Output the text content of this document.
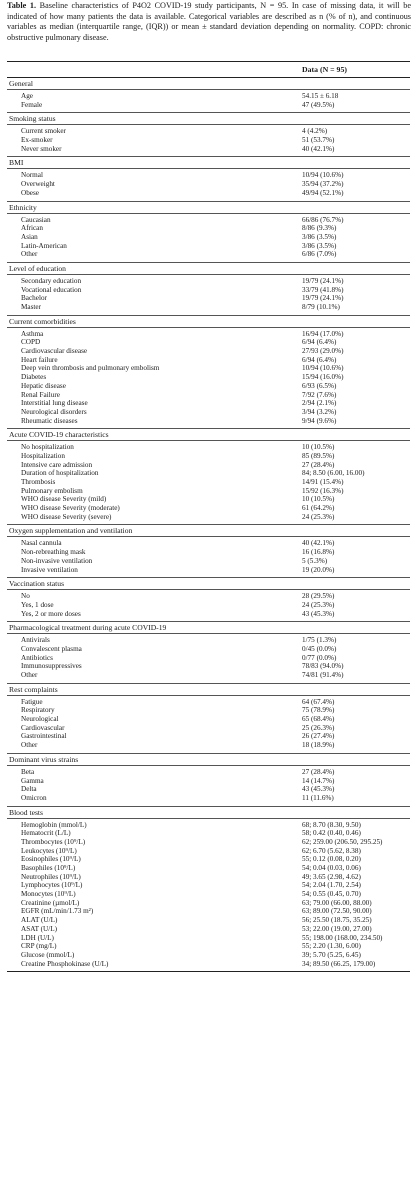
Table 1. Baseline characteristics of P4O2 COVID-19 study participants, N = 95. In case of missing data, it will be indicated of how many patients the data is available. Categorical variables are described as n (% of n), and continuous variables as median (interquartile range, (IQR)) or mean ± standard deviation depending on normality. COPD: chronic obstructive pulmonary disease.
Data (N = 95)
General
Age	54.15 ± 6.18
Female	47 (49.5%)
Smoking status
Current smoker	4 (4.2%)
Ex-smoker	51 (53.7%)
Never smoker	40 (42.1%)
BMI
Normal	10/94 (10.6%)
Overweight	35/94 (37.2%)
Obese	49/94 (52.1%)
Ethnicity
Caucasian	66/86 (76.7%)
African	8/86 (9.3%)
Asian	3/86 (3.5%)
Latin-American	3/86 (3.5%)
Other	6/86 (7.0%)
Level of education
Secondary education	19/79 (24.1%)
Vocational education	33/79 (41.8%)
Bachelor	19/79 (24.1%)
Master	8/79 (10.1%)
Current comorbidities
Asthma	16/94 (17.0%)
COPD	6/94 (6.4%)
Cardiovascular disease	27/93 (29.0%)
Heart failure	6/94 (6.4%)
Deep vein thrombosis and pulmonary embolism	10/94 (10.6%)
Diabetes	15/94 (16.0%)
Hepatic disease	6/93 (6.5%)
Renal Failure	7/92 (7.6%)
Interstitial lung disease	2/94 (2.1%)
Neurological disorders	3/94 (3.2%)
Rheumatic diseases	9/94 (9.6%)
Acute COVID-19 characteristics
No hospitalization	10 (10.5%)
Hospitalization	85 (89.5%)
Intensive care admission	27 (28.4%)
Duration of hospitalization	84; 8.50 (6.00, 16.00)
Thrombosis	14/91 (15.4%)
Pulmonary embolism	15/92 (16.3%)
WHO disease Severity (mild)	10 (10.5%)
WHO disease Severity (moderate)	61 (64.2%)
WHO disease Severity (severe)	24 (25.3%)
Oxygen supplementation and ventilation
Nasal cannula	40 (42.1%)
Non-rebreathing mask	16 (16.8%)
Non-invasive ventilation	5 (5.3%)
Invasive ventilation	19 (20.0%)
Vaccination status
No	28 (29.5%)
Yes, 1 dose	24 (25.3%)
Yes, 2 or more doses	43 (45.3%)
Pharmacological treatment during acute COVID-19
Antivirals	1/75 (1.3%)
Convalescent plasma	0/45 (0.0%)
Antibiotics	0/77 (0.0%)
Immunosuppressives	78/83 (94.0%)
Other	74/81 (91.4%)
Rest complaints
Fatigue	64 (67.4%)
Respiratory	75 (78.9%)
Neurological	65 (68.4%)
Cardiovascular	25 (26.3%)
Gastrointestinal	26 (27.4%)
Other	18 (18.9%)
Dominant virus strains
Beta	27 (28.4%)
Gamma	14 (14.7%)
Delta	43 (45.3%)
Omicron	11 (11.6%)
Blood tests
Hemoglobin (mmol/L)	68; 8.70 (8.30, 9.50)
Hematocrit (L/L)	58; 0.42 (0.40, 0.46)
Thrombocytes (10⁹/L)	62; 259.00 (206.50, 295.25)
Leukocytes (10⁹/L)	62; 6.70 (5.62, 8.38)
Eosinophiles (10⁹/L)	55; 0.12 (0.08, 0.20)
Basophiles (10⁹/L)	54; 0.04 (0.03, 0.06)
Neutrophiles (10⁹/L)	49; 3.65 (2.98, 4.62)
Lymphocytes (10⁹/L)	54; 2.04 (1.70, 2.54)
Monocytes (10⁹/L)	54; 0.55 (0.45, 0.70)
Creatinine (µmol/L)	63; 79.00 (66.00, 88.00)
EGFR (mL/min/1.73 m²)	63; 89.00 (72.50, 90.00)
ALAT (U/L)	56; 25.50 (18.75, 35.25)
ASAT (U/L)	53; 22.00 (19.00, 27.00)
LDH (U/L)	55; 198.00 (168.00, 234.50)
CRP (mg/L)	55; 2.20 (1.30, 6.00)
Glucose (mmol/L)	39; 5.70 (5.25, 6.45)
Creatine Phosphokinase (U/L)	34; 89.50 (66.25, 179.00)
